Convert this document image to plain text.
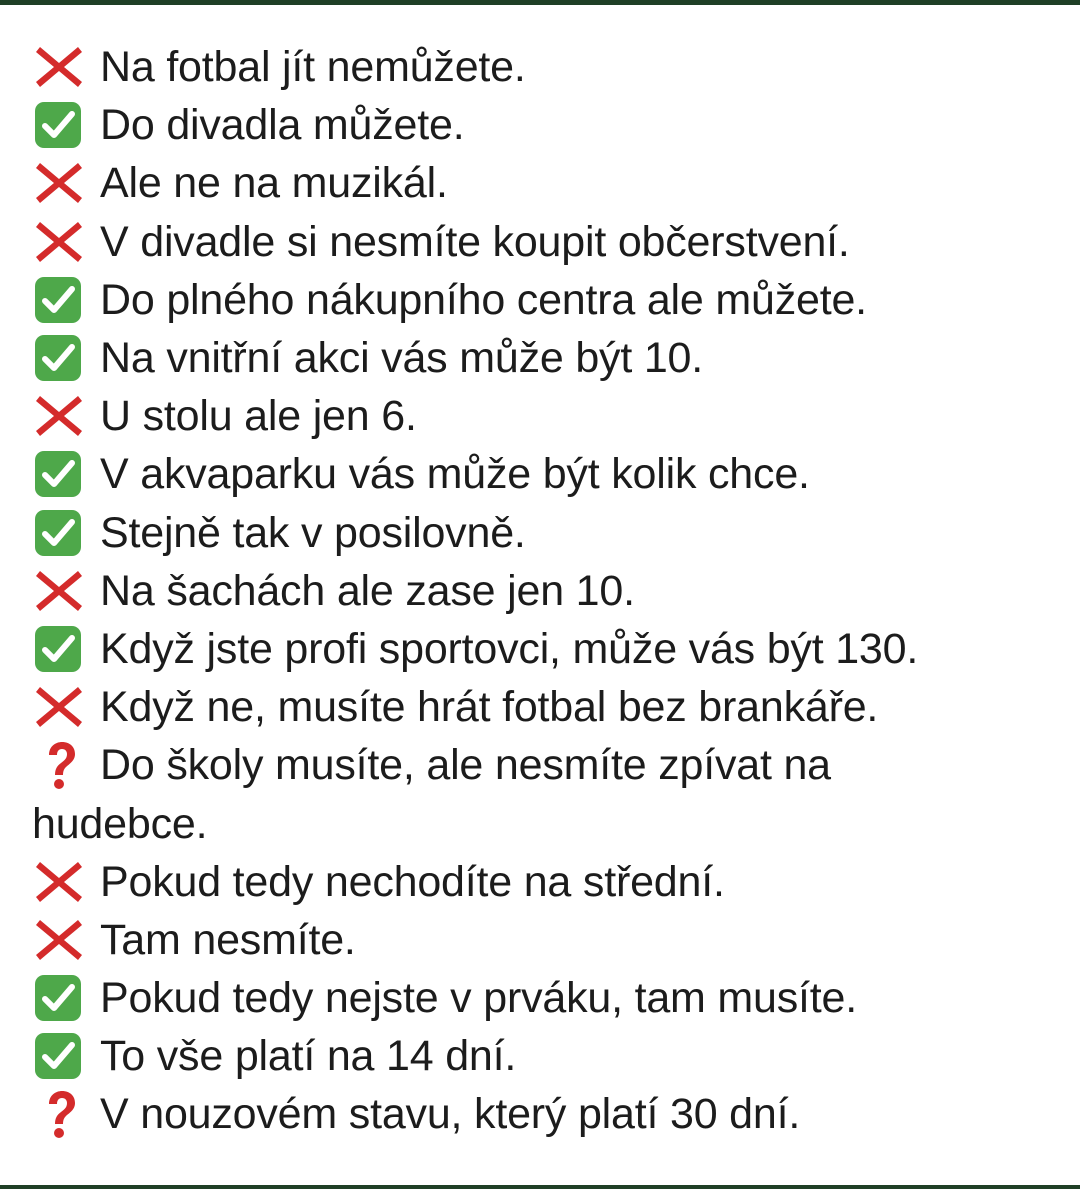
Na fotbal jít nemůžete.
Do divadla můžete.
Ale ne na muzikál.
V divadle si nesmíte koupit občerstvení.
Do plného nákupního centra ale můžete.
Na vnitřní akci vás může být 10.
U stolu ale jen 6.
V akvaparku vás může být kolik chce.
Stejně tak v posilovně.
Na šachách ale zase jen 10.
Když jste profi sportovci, může vás být 130.
Když ne, musíte hrát fotbal bez brankáře.
Do školy musíte, ale nesmíte zpívat na
hudebce.
Pokud tedy nechodíte na střední.
Tam nesmíte.
Pokud tedy nejste v prváku, tam musíte.
To vše platí na 14 dní.
V nouzovém stavu, který platí 30 dní.
